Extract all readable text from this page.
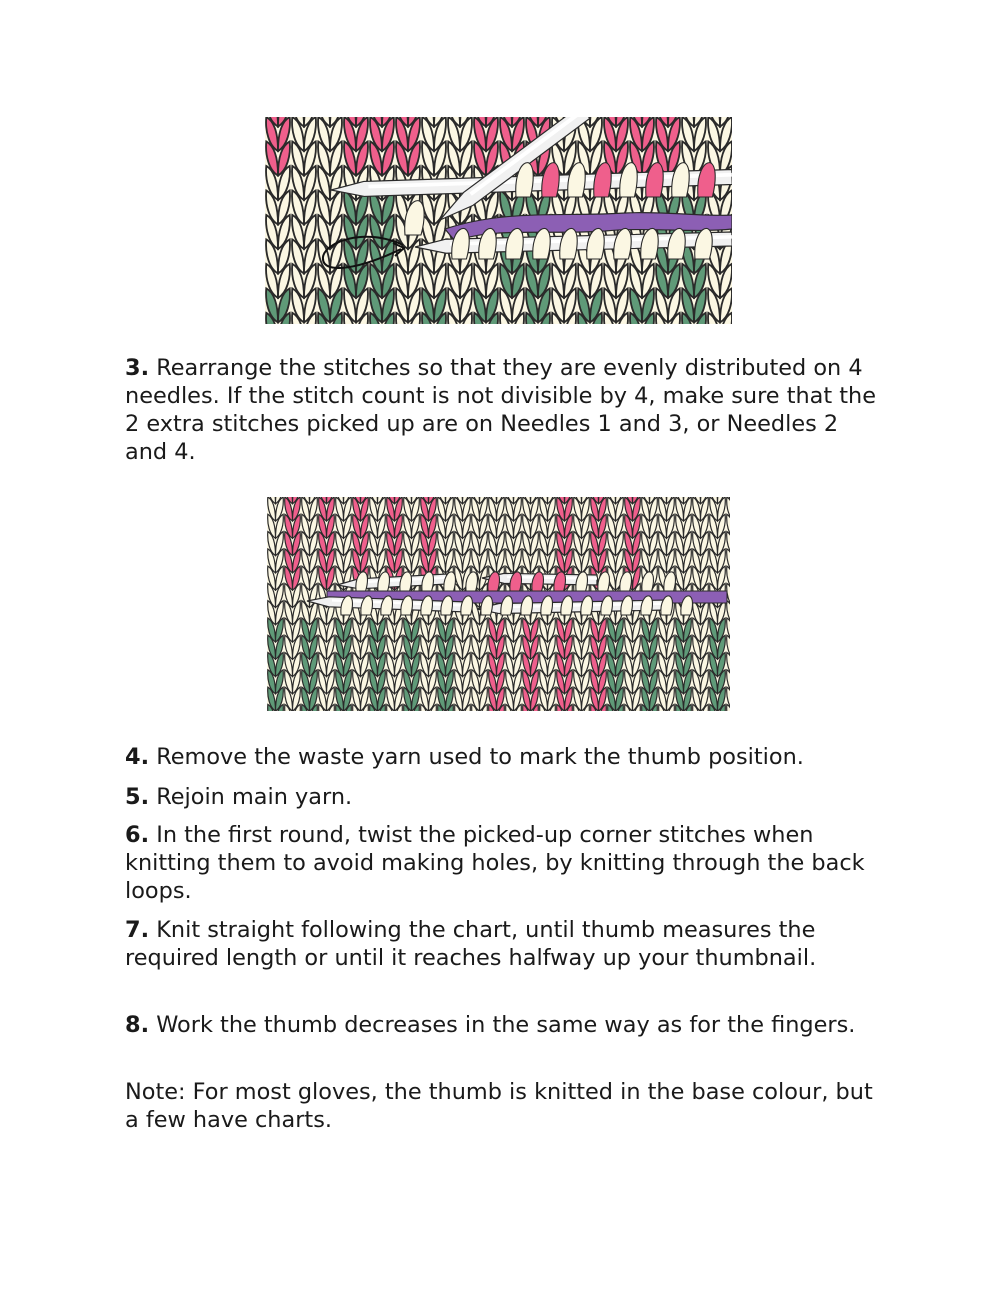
3. Rearrange the stitches so that they are evenly distributed on 4 needles. If the stitch count is not divisible by 4, make sure that the 2 extra stitches picked up are on Needles 1 and 3, or Needles 2 and 4.

4. Remove the waste yarn used to mark the thumb position.

5. Rejoin main yarn.

6. In the first round, twist the picked-up corner stitches when knitting them to avoid making holes, by knitting through the back loops.

7. Knit straight following the chart, until thumb measures the required length or until it reaches halfway up your thumbnail.

8. Work the thumb decreases in the same way as for the fingers.

Note: For most gloves, the thumb is knitted in the base colour, but a few have charts.
